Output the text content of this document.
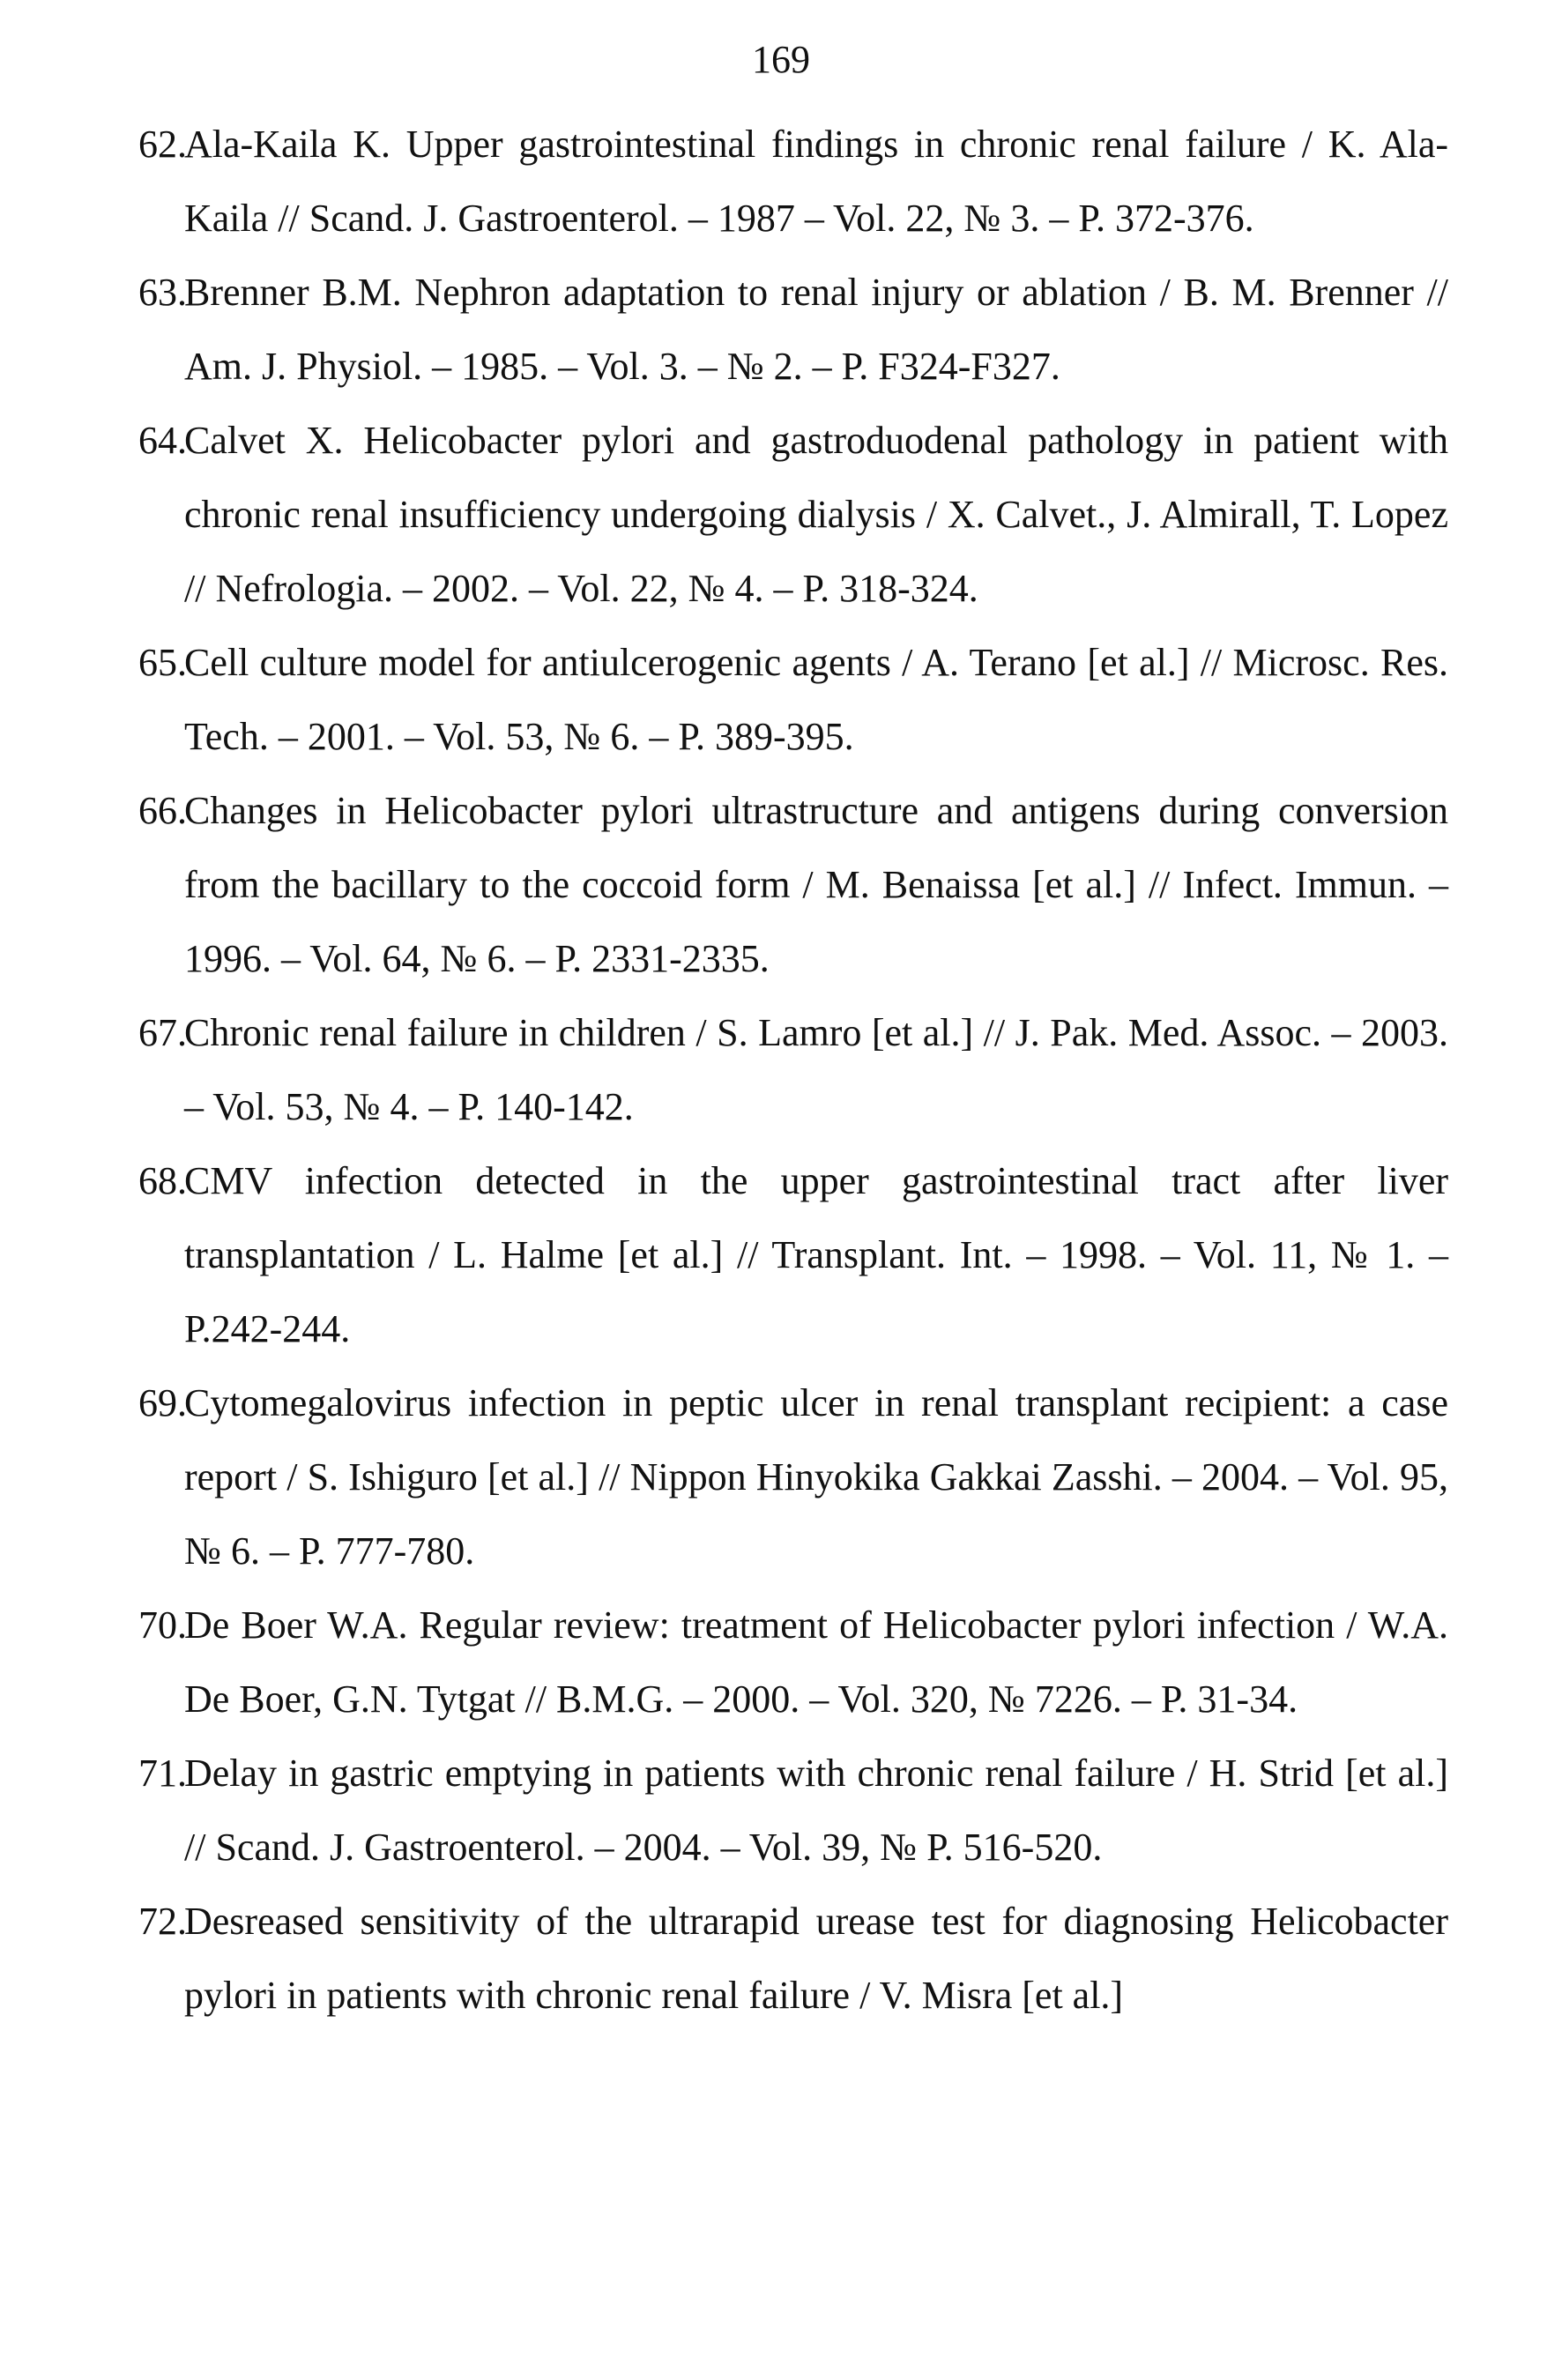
169
62.
Ala-Kaila K. Upper gastrointestinal findings in chronic renal failure / K. Ala-Kaila // Scand. J. Gastroenterol. – 1987 – Vol. 22, № 3. – P. 372-376.
63.
Brenner B.M. Nephron adaptation to renal injury or ablation / B. M. Brenner // Am. J. Physiol. – 1985. – Vol. 3. – № 2. – P. F324-F327.
64.
Calvet X. Helicobacter pylori and gastroduodenal pathology in patient with chronic renal insufficiency undergoing dialysis / X. Calvet., J. Almirall, T. Lopez // Nefrologia. – 2002. – Vol. 22, № 4. – P. 318-324.
65.
Cell culture model for antiulcerogenic agents / A. Terano [et al.] // Microsc. Res. Tech. – 2001. – Vol. 53, № 6. – P. 389-395.
66.
Changes in Helicobacter pylori ultrastructure and antigens during conversion from the bacillary to the coccoid form / M. Benaissa [et al.] // Infect. Immun. – 1996. – Vol. 64, № 6. – P. 2331-2335.
67.
Chronic renal failure in children / S. Lamro [et al.] // J. Pak. Med. Assoc. – 2003. – Vol. 53, № 4. – P. 140-142.
68.
CMV infection detected in the upper gastrointestinal tract after liver transplantation / L. Halme [et al.] // Transplant. Int. – 1998. – Vol. 11, № 1. – P.242-244.
69.
Cytomegalovirus infection in peptic ulcer in renal transplant recipient: a case report / S. Ishiguro [et al.] // Nippon Hinyokika Gakkai Zasshi. – 2004. – Vol. 95, № 6. – P. 777-780.
70.
De Boer W.A. Regular review: treatment of Helicobacter pylori infection / W.A. De Boer, G.N. Tytgat // B.M.G. – 2000. – Vol. 320, № 7226. – P. 31-34.
71.
Delay in gastric emptying in patients with chronic renal failure / H. Strid [et al.] // Scand. J. Gastroenterol. – 2004. – Vol. 39, № P. 516-520.
72.
Desreased sensitivity of the ultrarapid urease test for diagnosing Helicobacter pylori in patients with chronic renal failure / V. Misra [et al.]
